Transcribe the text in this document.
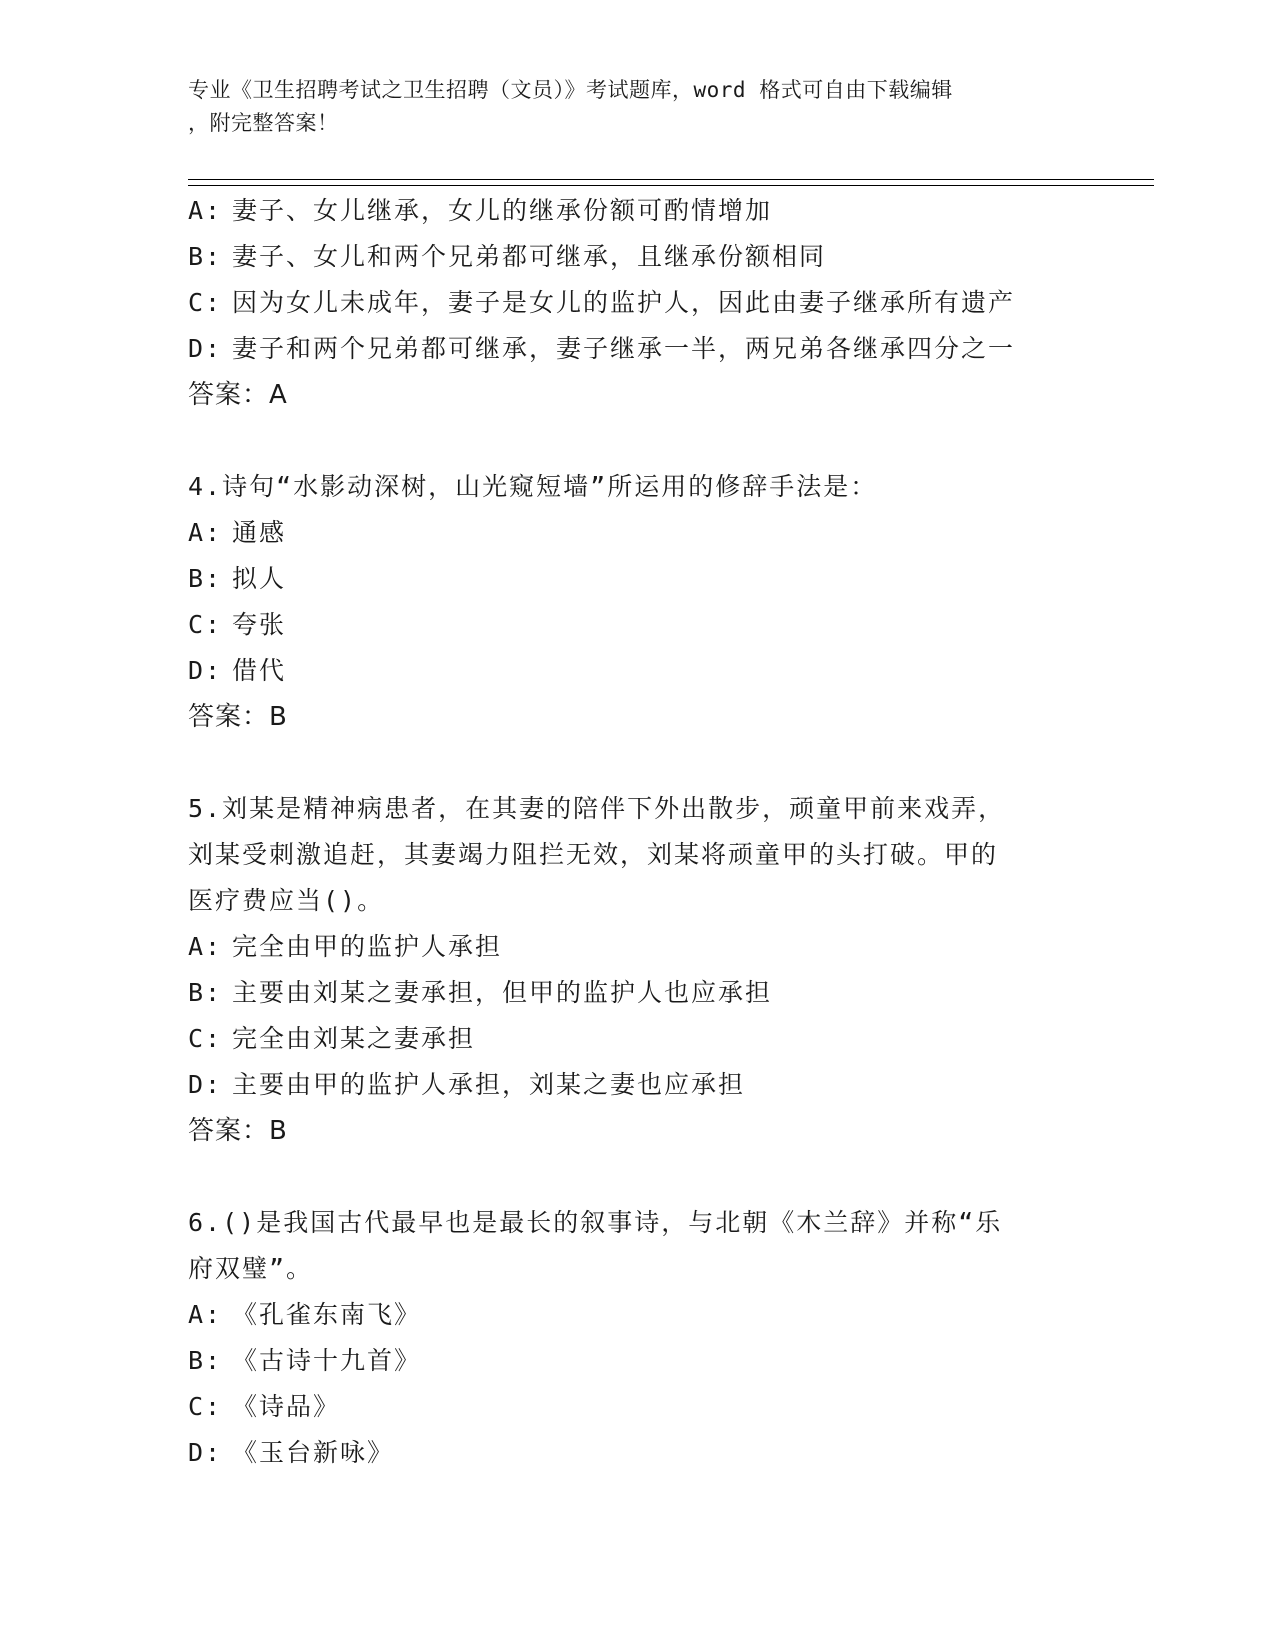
专业《卫生招聘考试之卫生招聘（文员）》考试题库，word 格式可自由下载编辑
，附完整答案！
A: 妻子、女儿继承，女儿的继承份额可酌情增加
B: 妻子、女儿和两个兄弟都可继承，且继承份额相同
C: 因为女儿未成年，妻子是女儿的监护人，因此由妻子继承所有遗产
D: 妻子和两个兄弟都可继承，妻子继承一半，两兄弟各继承四分之一
答案：A
4.诗句“水影动深树，山光窥短墙”所运用的修辞手法是：
A: 通感
B: 拟人
C: 夸张
D: 借代
答案：B
5.刘某是精神病患者，在其妻的陪伴下外出散步，顽童甲前来戏弄，
刘某受刺激追赶，其妻竭力阻拦无效，刘某将顽童甲的头打破。甲的
医疗费应当()。
A: 完全由甲的监护人承担
B: 主要由刘某之妻承担，但甲的监护人也应承担
C: 完全由刘某之妻承担
D: 主要由甲的监护人承担，刘某之妻也应承担
答案：B
6.()是我国古代最早也是最长的叙事诗，与北朝《木兰辞》并称“乐
府双璧”。
A: 《孔雀东南飞》
B: 《古诗十九首》
C: 《诗品》
D: 《玉台新咏》
